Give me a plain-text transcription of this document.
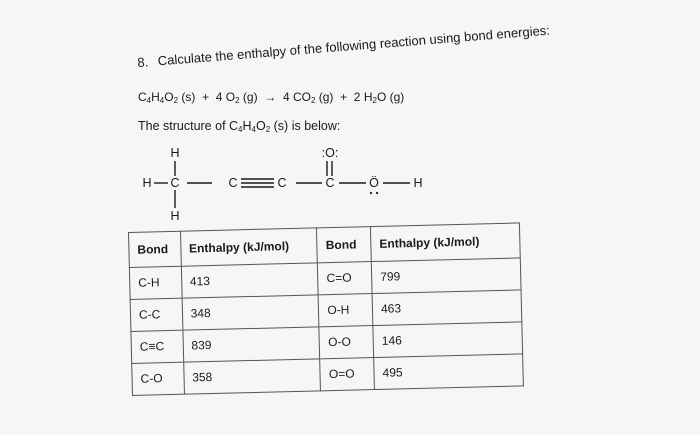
8. Calculate the enthalpy of the following reaction using bond energies:
$C_4H_4O_2$ (s) + 4 $O_2$ (g) → 4 $CO_2$ (g) + 2 $H_2O$ (g)
The structure of $C_4H_4O_2$ (s) is below:
H
H C
H
C	C
:O:
C	Ö	H
Bond	Enthalpy (kJ/mol)	Bond	Enthalpy (kJ/mol)
C-H	413	C=O	799
C-C	348	O-H	463
C≡C	839	O-O	146
C-O	358	O=O	495
